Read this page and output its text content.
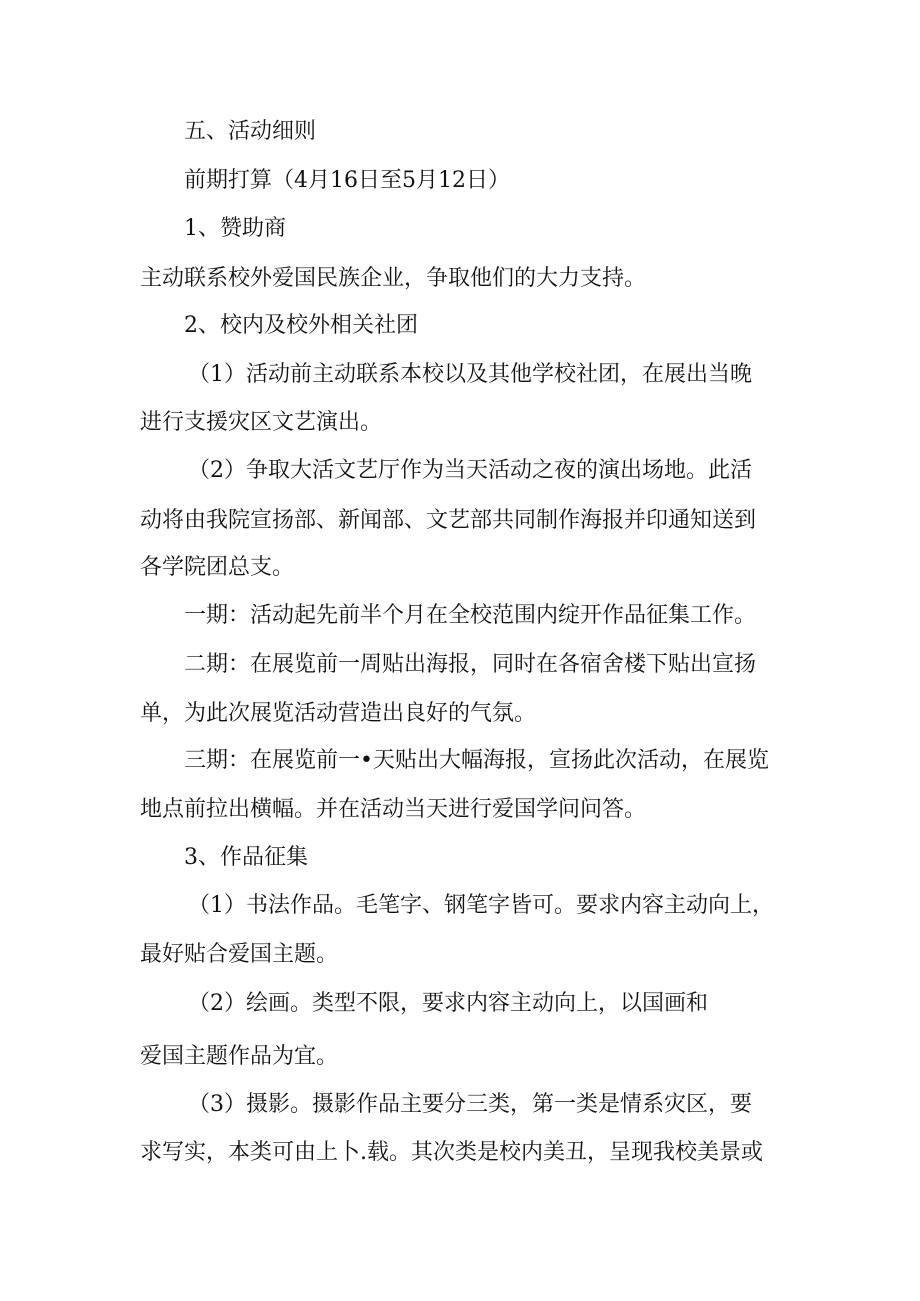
五、活动细则
前期打算（4月16日至5月12日）
1、赞助商
主动联系校外爱国民族企业，争取他们的大力支持。
2、校内及校外相关社团
（1）活动前主动联系本校以及其他学校社团，在展出当晚
进行支援灾区文艺演出。
（2）争取大活文艺厅作为当天活动之夜的演出场地。此活
动将由我院宣扬部、新闻部、文艺部共同制作海报并印通知送到
各学院团总支。
一期：活动起先前半个月在全校范围内绽开作品征集工作。
二期：在展览前一周贴出海报，同时在各宿舍楼下贴出宣扬
单，为此次展览活动营造出良好的气氛。
三期：在展览前一•天贴出大幅海报，宣扬此次活动，在展览
地点前拉出横幅。并在活动当天进行爱国学问问答。
3、作品征集
（1）书法作品。毛笔字、钢笔字皆可。要求内容主动向上，
最好贴合爱国主题。
（2）绘画。类型不限，要求内容主动向上，以国画和
爱国主题作品为宜。
（3）摄影。摄影作品主要分三类，第一类是情系灾区，要
求写实，本类可由上卜.载。其次类是校内美丑，呈现我校美景或
